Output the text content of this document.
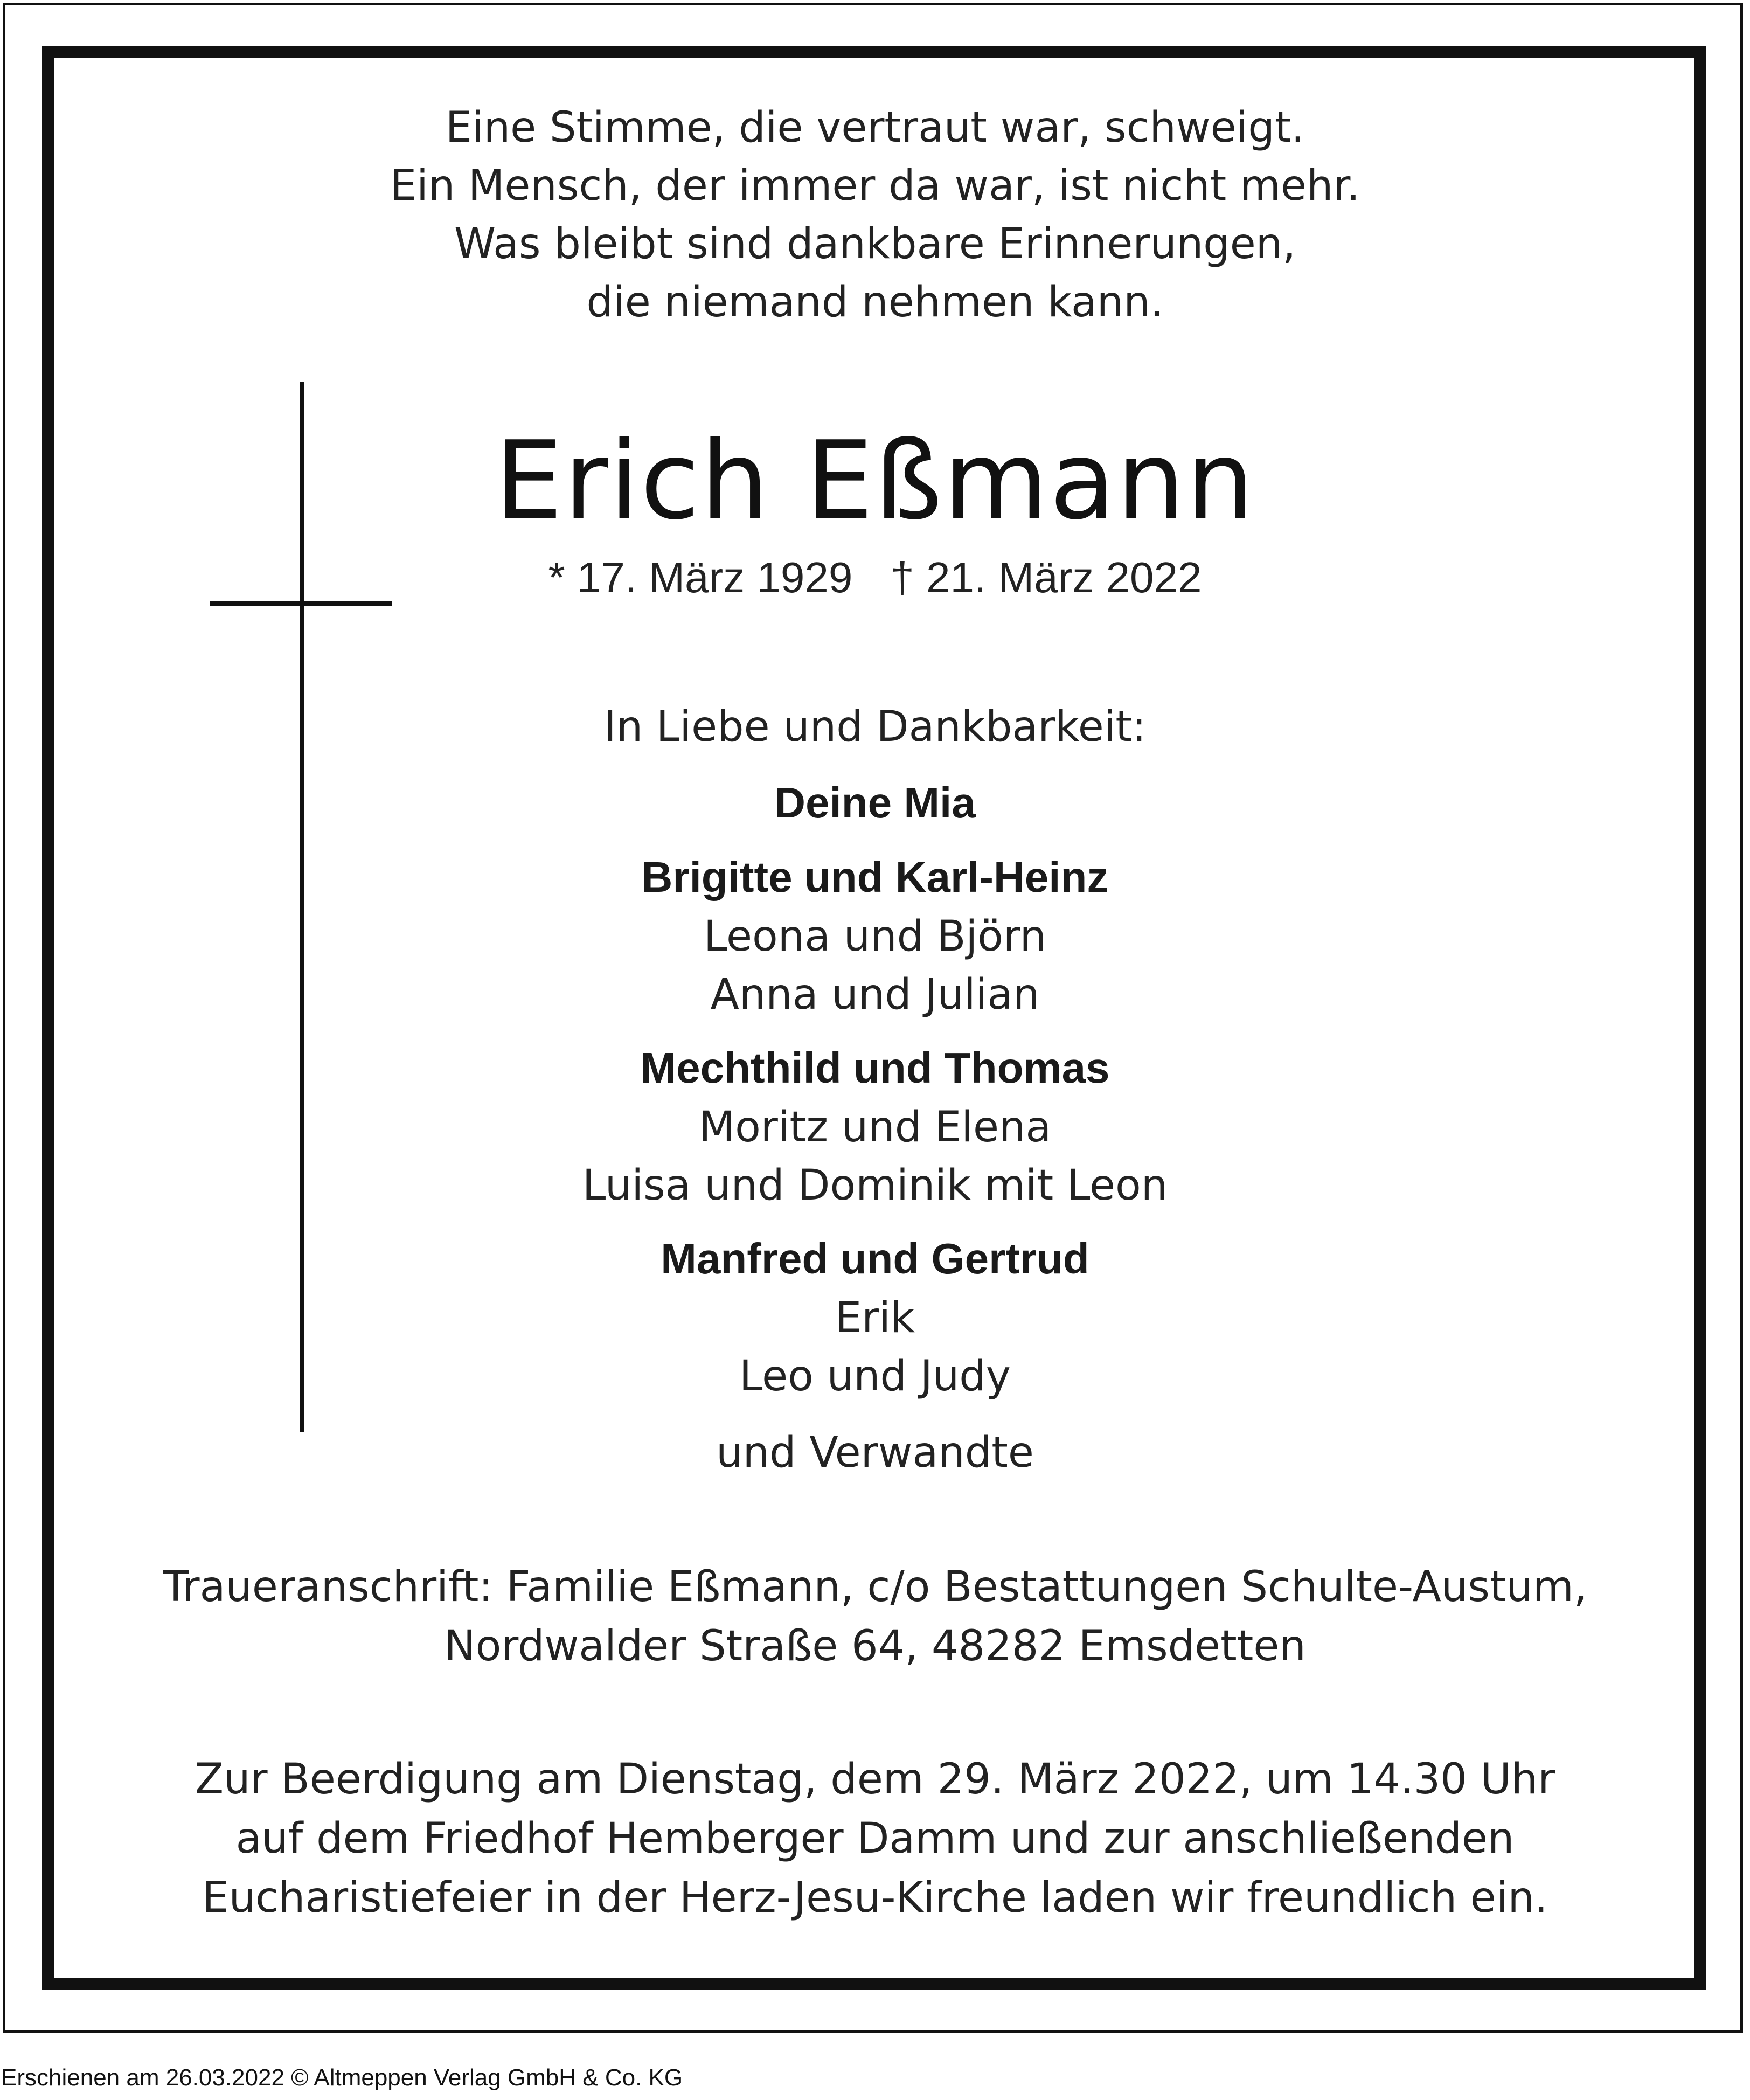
Eine Stimme, die vertraut war, schweigt.
Ein Mensch, der immer da war, ist nicht mehr.
Was bleibt sind dankbare Erinnerungen,
die niemand nehmen kann.
Erich Eßmann
* 17. März 1929 † 21. März 2022
In Liebe und Dankbarkeit:
Deine Mia
Brigitte und Karl-Heinz
Leona und Björn
Anna und Julian
Mechthild und Thomas
Moritz und Elena
Luisa und Dominik mit Leon
Manfred und Gertrud
Erik
Leo und Judy
und Verwandte
Traueranschrift: Familie Eßmann, c/o Bestattungen Schulte-Austum,
Nordwalder Straße 64, 48282 Emsdetten
Zur Beerdigung am Dienstag, dem 29. März 2022, um 14.30 Uhr
auf dem Friedhof Hemberger Damm und zur anschließenden
Eucharistiefeier in der Herz-Jesu-Kirche laden wir freundlich ein.
Erschienen am 26.03.2022 © Altmeppen Verlag GmbH & Co. KG
